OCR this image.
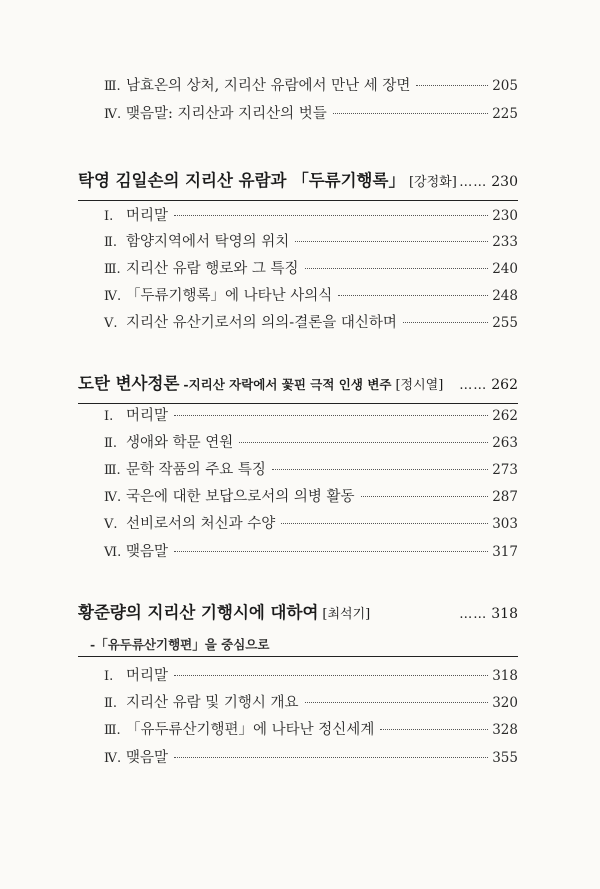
Ⅲ. 남효온의 상처, 지리산 유람에서 만난 세 장면	205
Ⅳ. 맺음말: 지리산과 지리산의 벗들	225
탁영 김일손의 지리산 유람과 「두류기행록」 [강정화] …… 230
Ⅰ. 머리말	230
Ⅱ. 함양지역에서 탁영의 위치	233
Ⅲ. 지리산 유람 행로와 그 특징	240
Ⅳ. 「두류기행록」에 나타난 사의식	248
Ⅴ. 지리산 유산기로서의 의의-결론을 대신하며	255
도탄 변사정론 -지리산 자락에서 꽃핀 극적 인생 변주 [정시열] …… 262
Ⅰ. 머리말	262
Ⅱ. 생애와 학문 연원	263
Ⅲ. 문학 작품의 주요 특징	273
Ⅳ. 국은에 대한 보답으로서의 의병 활동	287
Ⅴ. 선비로서의 처신과 수양	303
Ⅵ. 맺음말	317
황준량의 지리산 기행시에 대하여 [최석기]	…… 318
-「유두류산기행편」을 중심으로
Ⅰ. 머리말	318
Ⅱ. 지리산 유람 및 기행시 개요	320
Ⅲ. 「유두류산기행편」에 나타난 정신세계	328
Ⅳ. 맺음말	355
